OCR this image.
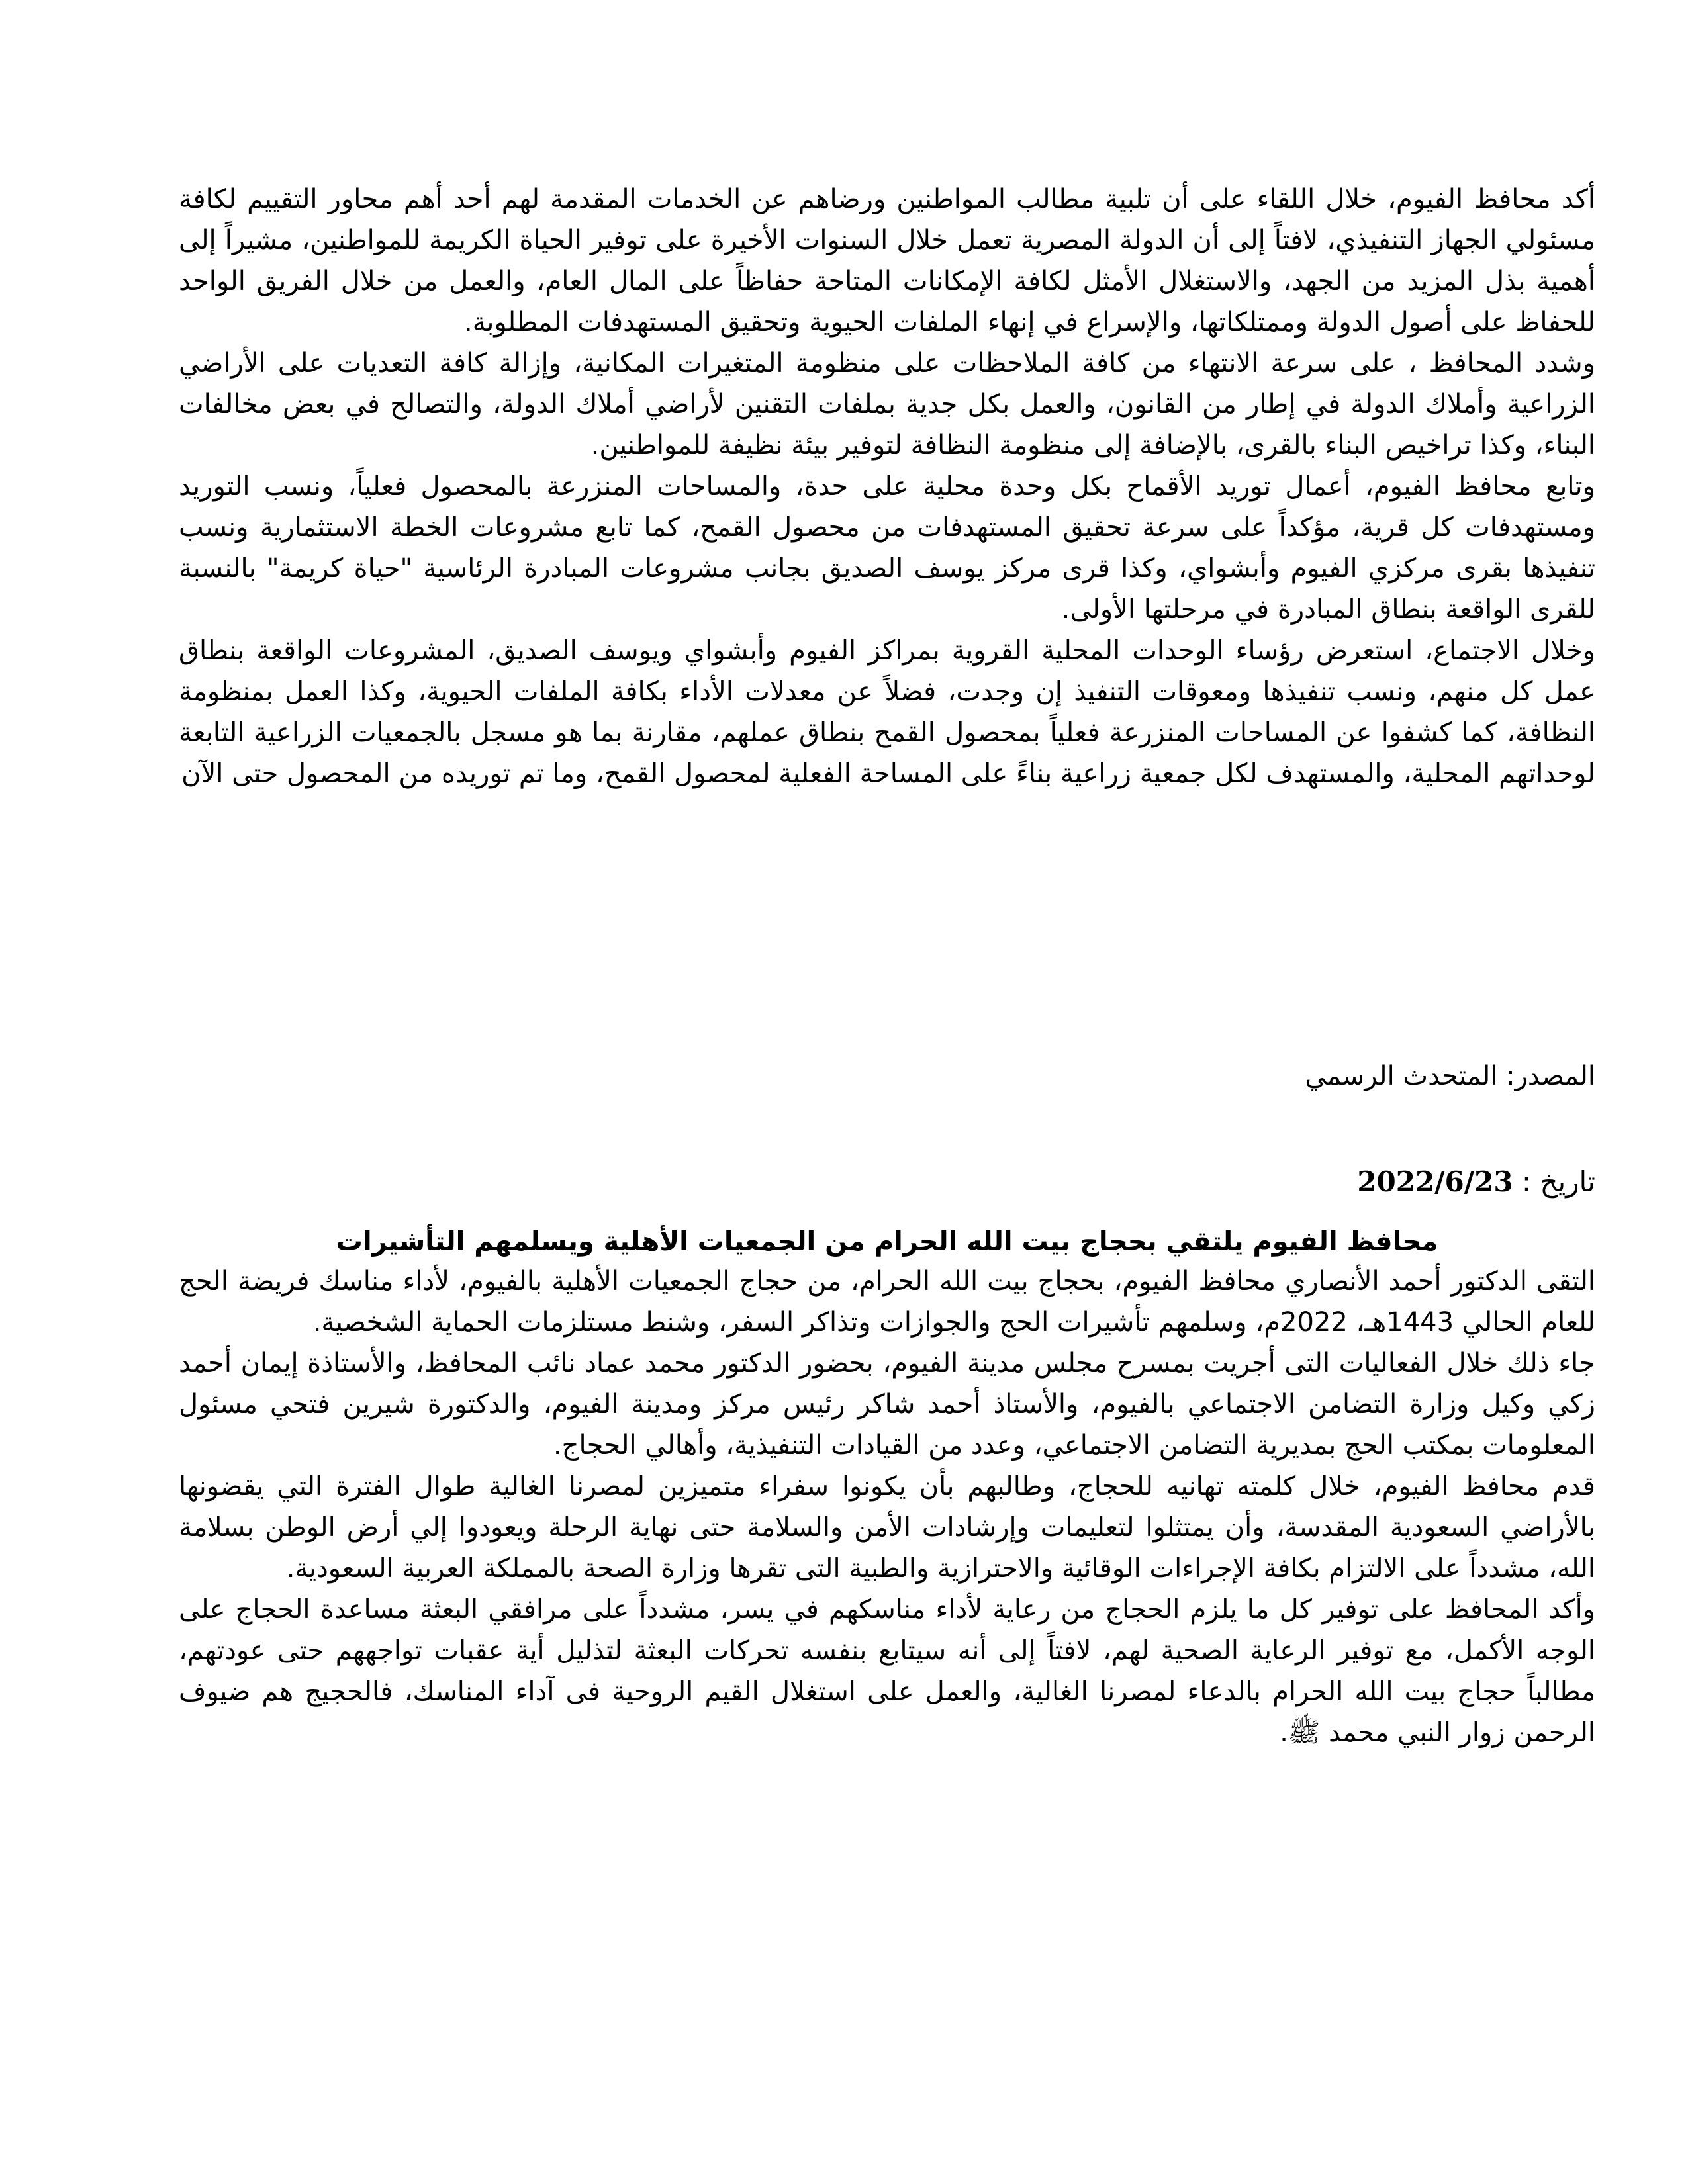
أكد محافظ الفيوم، خلال اللقاء على أن تلبية مطالب المواطنين ورضاهم عن الخدمات المقدمة لهم أحد أهم محاور التقييم لكافة مسئولي الجهاز التنفيذي، لافتاً إلى أن الدولة المصرية تعمل خلال السنوات الأخيرة على توفير الحياة الكريمة للمواطنين، مشيراً إلى أهمية بذل المزيد من الجهد، والاستغلال الأمثل لكافة الإمكانات المتاحة حفاظاً على المال العام، والعمل من خلال الفريق الواحد للحفاظ على أصول الدولة وممتلكاتها، والإسراع في إنهاء الملفات الحيوية وتحقيق المستهدفات المطلوبة.

وشدد المحافظ ، على سرعة الانتهاء من كافة الملاحظات على منظومة المتغيرات المكانية، وإزالة كافة التعديات على الأراضي الزراعية وأملاك الدولة في إطار من القانون، والعمل بكل جدية بملفات التقنين لأراضي أملاك الدولة، والتصالح في بعض مخالفات البناء، وكذا تراخيص البناء بالقرى، بالإضافة إلى منظومة النظافة لتوفير بيئة نظيفة للمواطنين.

وتابع محافظ الفيوم، أعمال توريد الأقماح بكل وحدة محلية على حدة، والمساحات المنزرعة بالمحصول فعلياً، ونسب التوريد ومستهدفات كل قرية، مؤكداً على سرعة تحقيق المستهدفات من محصول القمح، كما تابع مشروعات الخطة الاستثمارية ونسب تنفيذها بقرى مركزي الفيوم وأبشواي، وكذا قرى مركز يوسف الصديق بجانب مشروعات المبادرة الرئاسية "حياة كريمة" بالنسبة للقرى الواقعة بنطاق المبادرة في مرحلتها الأولى.

وخلال الاجتماع، استعرض رؤساء الوحدات المحلية القروية بمراكز الفيوم وأبشواي ويوسف الصديق، المشروعات الواقعة بنطاق عمل كل منهم، ونسب تنفيذها ومعوقات التنفيذ إن وجدت، فضلاً عن معدلات الأداء بكافة الملفات الحيوية، وكذا العمل بمنظومة النظافة، كما كشفوا عن المساحات المنزرعة فعلياً بمحصول القمح بنطاق عملهم، مقارنة بما هو مسجل بالجمعيات الزراعية التابعة لوحداتهم المحلية، والمستهدف لكل جمعية زراعية بناءً على المساحة الفعلية لمحصول القمح، وما تم توريده من المحصول حتى الآن

المصدر: المتحدث الرسمي
تاريخ : 2022/6/23
محافظ الفيوم يلتقي بحجاج بيت الله الحرام من الجمعيات الأهلية ويسلمهم التأشيرات

التقى الدكتور أحمد الأنصاري محافظ الفيوم، بحجاج بيت الله الحرام، من حجاج الجمعيات الأهلية بالفيوم، لأداء مناسك فريضة الحج للعام الحالي 1443هـ، 2022م، وسلمهم تأشيرات الحج والجوازات وتذاكر السفر، وشنط مستلزمات الحماية الشخصية.

جاء ذلك خلال الفعاليات التى أجريت بمسرح مجلس مدينة الفيوم، بحضور الدكتور محمد عماد نائب المحافظ، والأستاذة إيمان أحمد زكي وكيل وزارة التضامن الاجتماعي بالفيوم، والأستاذ أحمد شاكر رئيس مركز ومدينة الفيوم، والدكتورة شيرين فتحي مسئول المعلومات بمكتب الحج بمديرية التضامن الاجتماعي، وعدد من القيادات التنفيذية، وأهالي الحجاج.

قدم محافظ الفيوم، خلال كلمته تهانيه للحجاج، وطالبهم بأن يكونوا سفراء متميزين لمصرنا الغالية طوال الفترة التي يقضونها بالأراضي السعودية المقدسة، وأن يمتثلوا لتعليمات وإرشادات الأمن والسلامة حتى نهاية الرحلة ويعودوا إلي أرض الوطن بسلامة الله، مشدداً على الالتزام بكافة الإجراءات الوقائية والاحترازية والطبية التى تقرها وزارة الصحة بالمملكة العربية السعودية.

وأكد المحافظ على توفير كل ما يلزم الحجاج من رعاية لأداء مناسكهم في يسر، مشدداً على مرافقي البعثة مساعدة الحجاج على الوجه الأكمل، مع توفير الرعاية الصحية لهم، لافتاً إلى أنه سيتابع بنفسه تحركات البعثة لتذليل أية عقبات تواجههم حتى عودتهم، مطالباً حجاج بيت الله الحرام بالدعاء لمصرنا الغالية، والعمل على استغلال القيم الروحية فى آداء المناسك، فالحجيج هم ضيوف الرحمن زوار النبي محمد ﷺ.
